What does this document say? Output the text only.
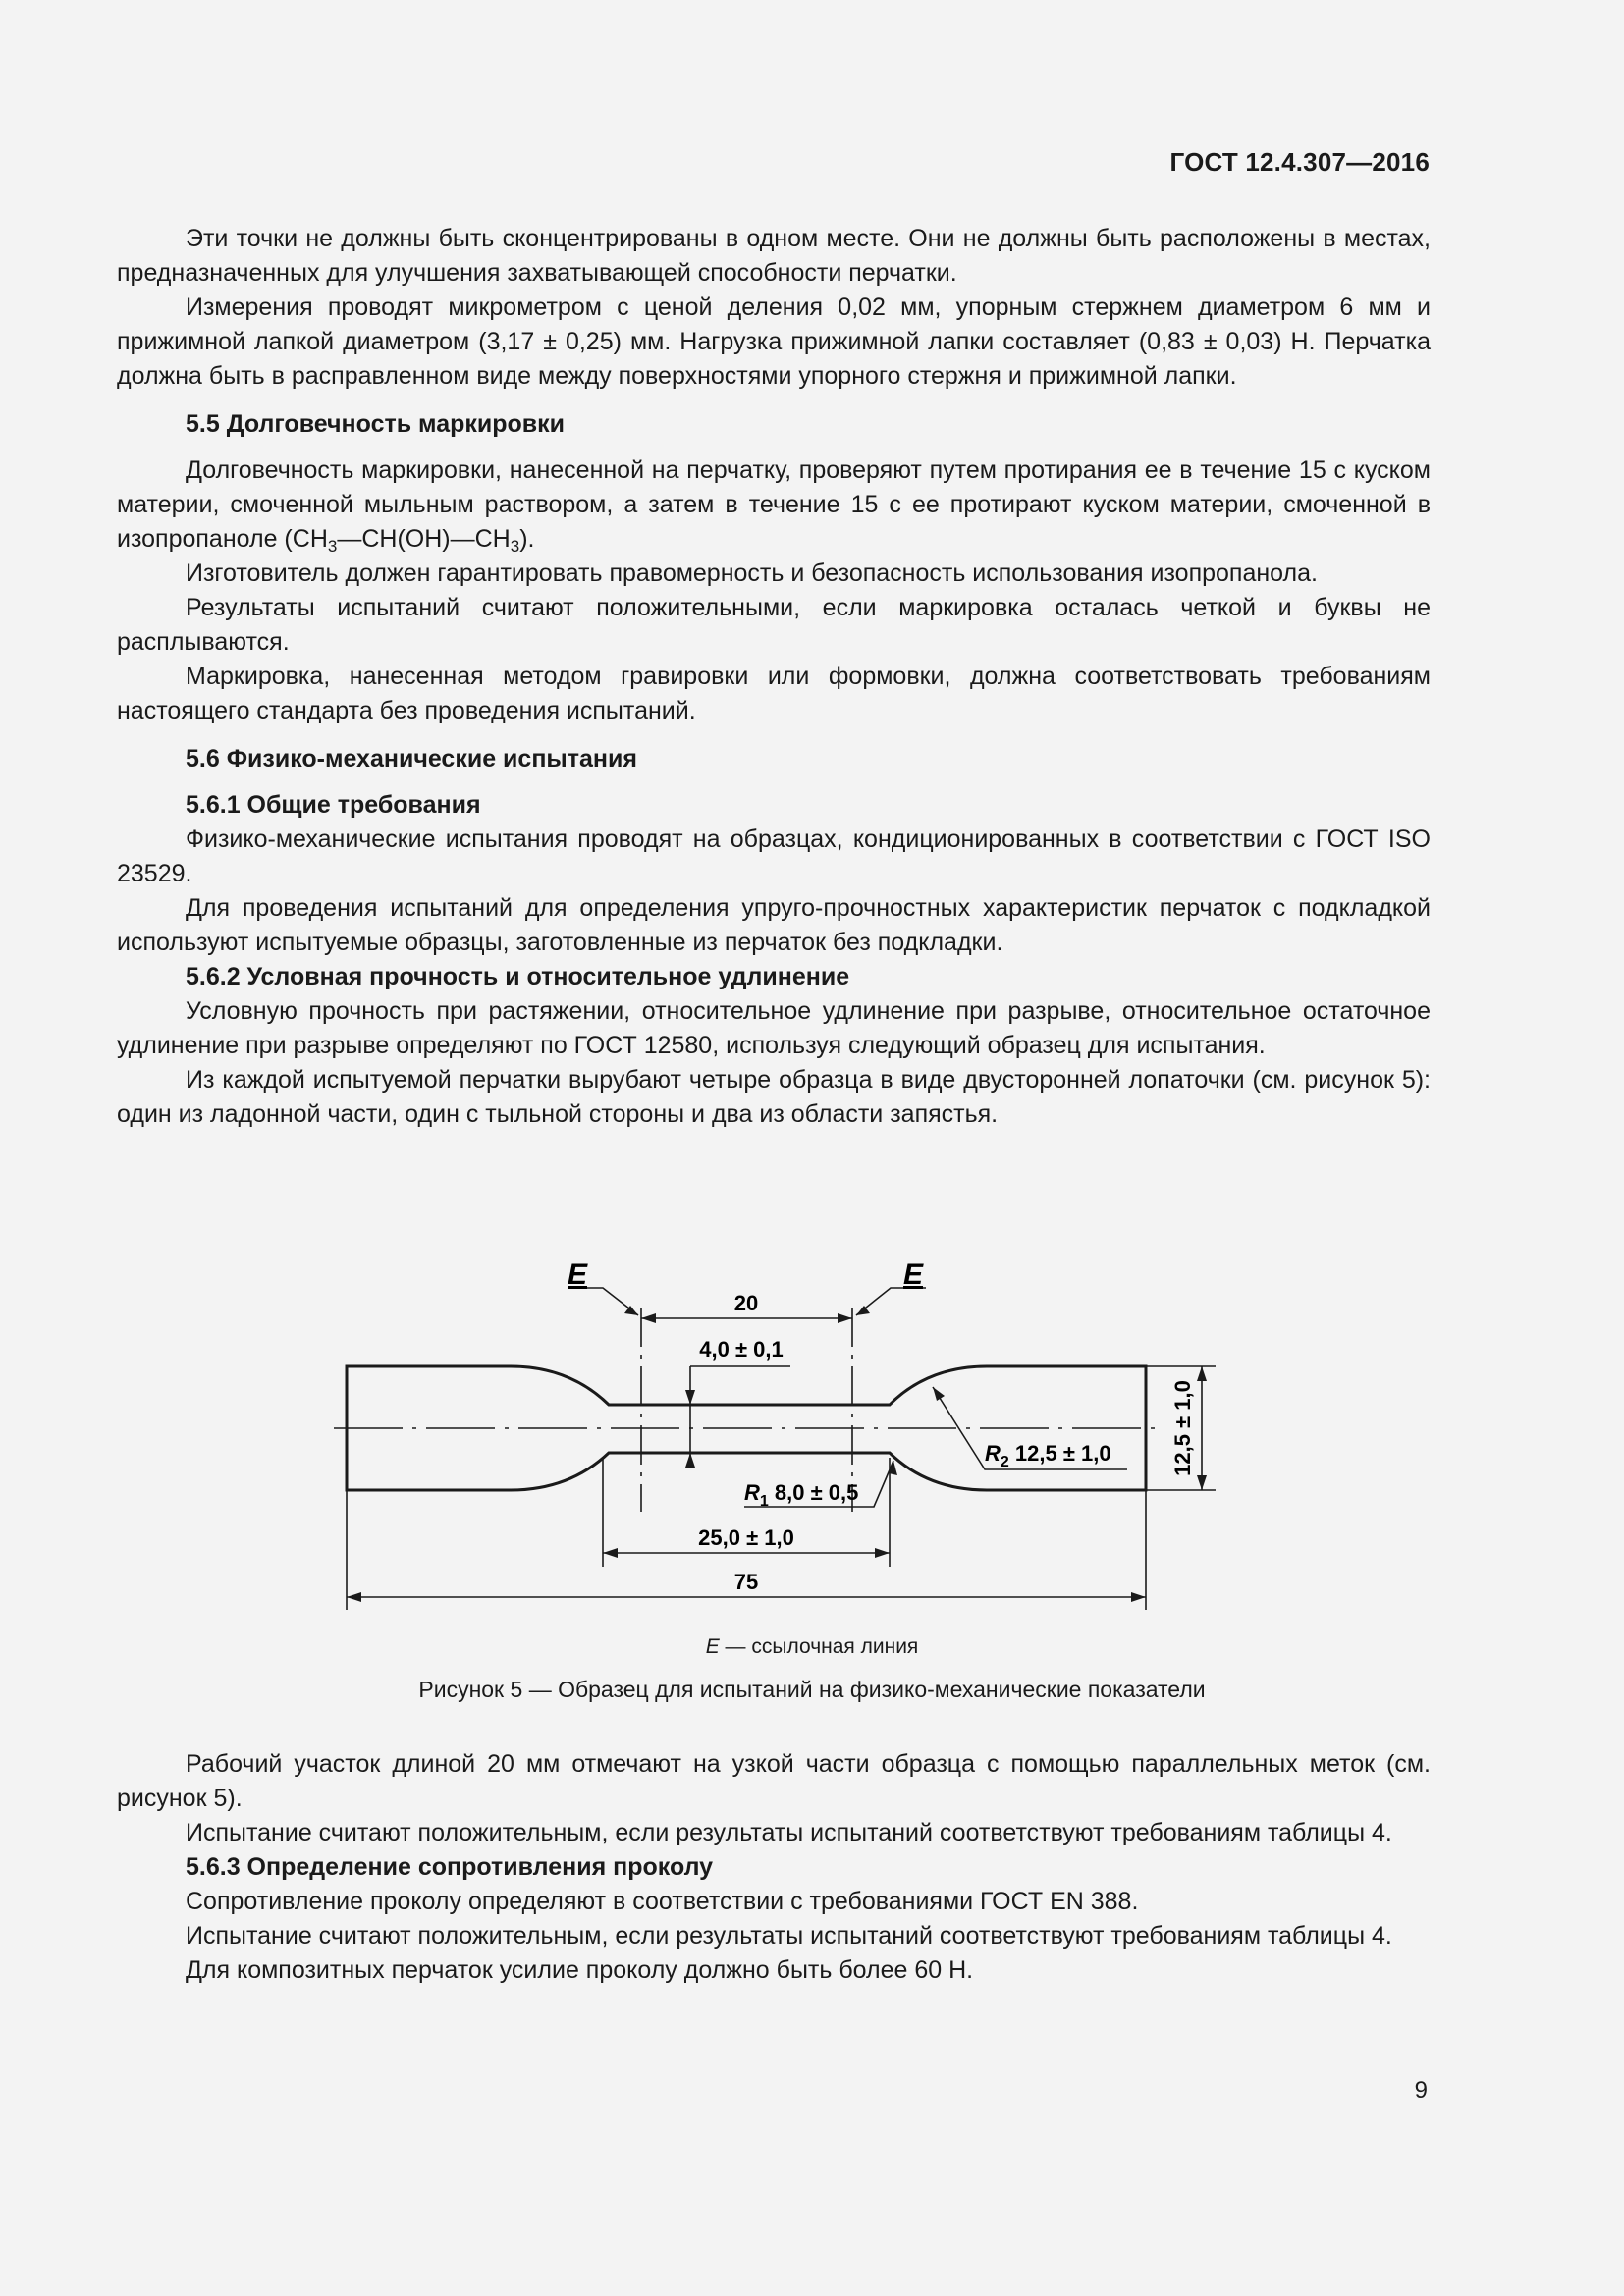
ГОСТ 12.4.307—2016

Эти точки не должны быть сконцентрированы в одном месте. Они не должны быть расположены в местах, предназначенных для улучшения захватывающей способности перчатки.

Измерения проводят микрометром с ценой деления 0,02 мм, упорным стержнем диаметром 6 мм и прижимной лапкой диаметром (3,17 ± 0,25) мм. Нагрузка прижимной лапки составляет (0,83 ± 0,03) Н. Перчатка должна быть в расправленном виде между поверхностями упорного стержня и прижимной лапки.

5.5 Долговечность маркировки

Долговечность маркировки, нанесенной на перчатку, проверяют путем протирания ее в течение 15 с куском материи, смоченной мыльным раствором, а затем в течение 15 с ее протирают куском материи, смоченной в изопропаноле $(CH_3—CH(OH)—CH_3)$.

Изготовитель должен гарантировать правомерность и безопасность использования изопропанола.

Результаты испытаний считают положительными, если маркировка осталась четкой и буквы не расплываются.

Маркировка, нанесенная методом гравировки или формовки, должна соответствовать требованиям настоящего стандарта без проведения испытаний.

5.6 Физико-механические испытания
5.6.1 Общие требования

Физико-механические испытания проводят на образцах, кондиционированных в соответствии с ГОСТ ISO 23529.

Для проведения испытаний для определения упруго-прочностных характеристик перчаток с подкладкой используют испытуемые образцы, заготовленные из перчаток без подкладки.

5.6.2 Условная прочность и относительное удлинение

Условную прочность при растяжении, относительное удлинение при разрыве, относительное остаточное удлинение при разрыве определяют по ГОСТ 12580, используя следующий образец для испытания.

Из каждой испытуемой перчатки вырубают четыре образца в виде двусторонней лопаточки (см. рисунок 5): один из ладонной части, один с тыльной стороны и два из области запястья.

E	E
20
4,0 ± 0,1
$R_2$ 12,5 ± 1,0
$R_1$ 8,0 ± 0,5
25,0 ± 1,0
75
12,5 ± 1,0
E — ссылочная линия
Рисунок 5 — Образец для испытаний на физико-механические показатели

Рабочий участок длиной 20 мм отмечают на узкой части образца с помощью параллельных меток (см. рисунок 5).

Испытание считают положительным, если результаты испытаний соответствуют требованиям таблицы 4.

5.6.3 Определение сопротивления проколу

Сопротивление проколу определяют в соответствии с требованиями ГОСТ EN 388.

Испытание считают положительным, если результаты испытаний соответствуют требованиям таблицы 4.

Для композитных перчаток усилие проколу должно быть более 60 Н.

9
